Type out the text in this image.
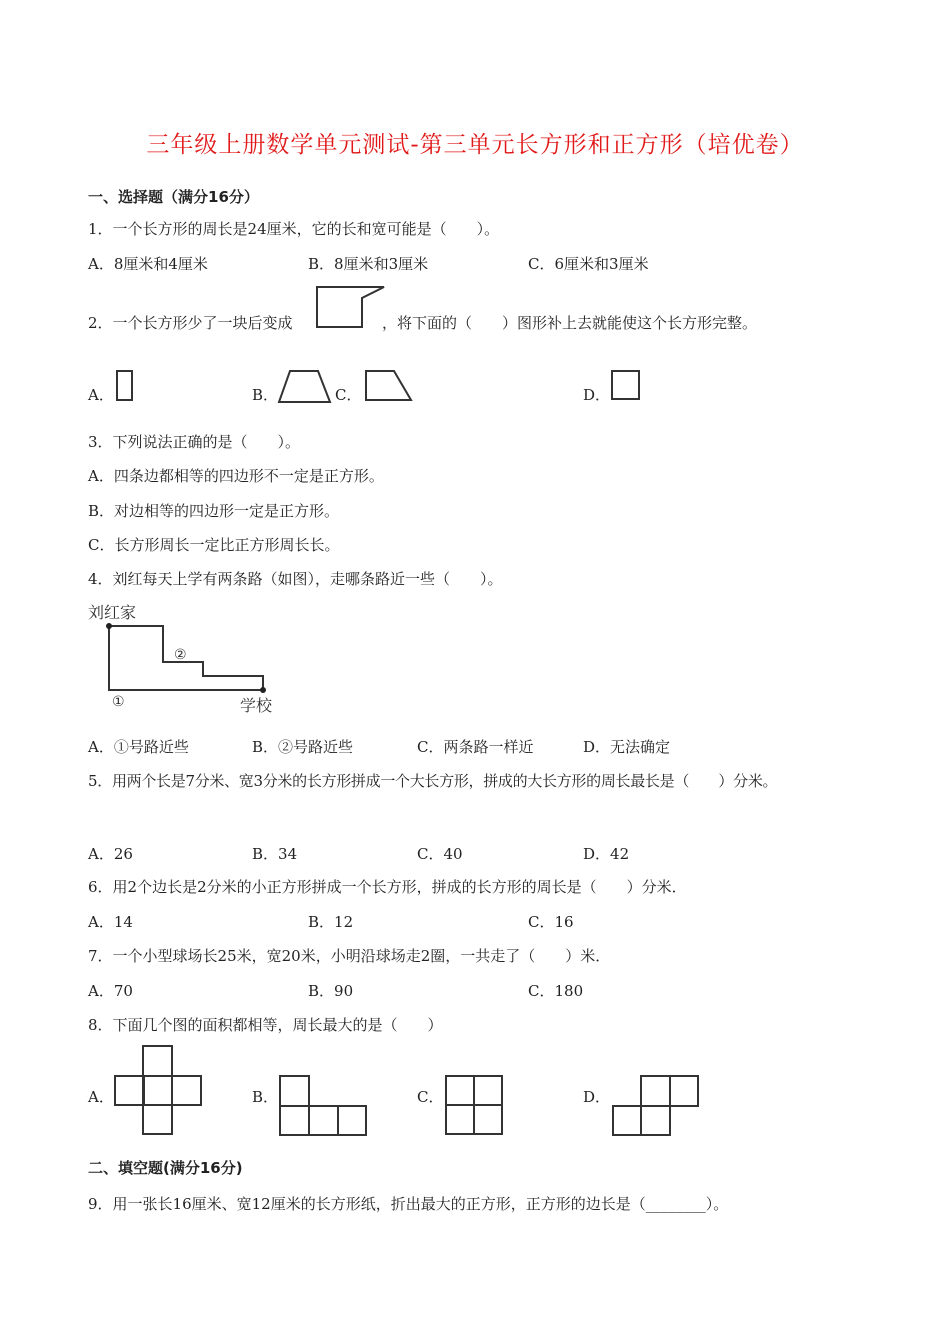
三年级上册数学单元测试-第三单元长方形和正方形（培优卷）
一、选择题（满分16分）
1．一个长方形的周长是24厘米，它的长和宽可能是（　　）。
A．8厘米和4厘米	B．8厘米和3厘米	C．6厘米和3厘米
2．一个长方形少了一块后变成	，将下面的（　　）图形补上去就能使这个长方形完整。
A．	B．	C．	D．
3．下列说法正确的是（　　）。
A．四条边都相等的四边形不一定是正方形。
B．对边相等的四边形一定是正方形。
C．长方形周长一定比正方形周长长。
4．刘红每天上学有两条路（如图），走哪条路近一些（　　）。
刘红家
②
①	学校
A．①号路近些	B．②号路近些	C．两条路一样近	D．无法确定
5．用两个长是7分米、宽3分米的长方形拼成一个大长方形，拼成的大长方形的周长最长是（　　）分米。
A．26	B．34	C．40	D．42
6．用2个边长是2分米的小正方形拼成一个长方形，拼成的长方形的周长是（　　）分米．
A．14	B．12	C．16
7．一个小型球场长25米，宽20米，小明沿球场走2圈，一共走了（　　）米．
A．70	B．90	C．180
8．下面几个图的面积都相等，周长最大的是（　　）
A．	B．	C．	D．
二、填空题(满分16分)
9．用一张长16厘米、宽12厘米的长方形纸，折出最大的正方形，正方形的边长是（________）。
